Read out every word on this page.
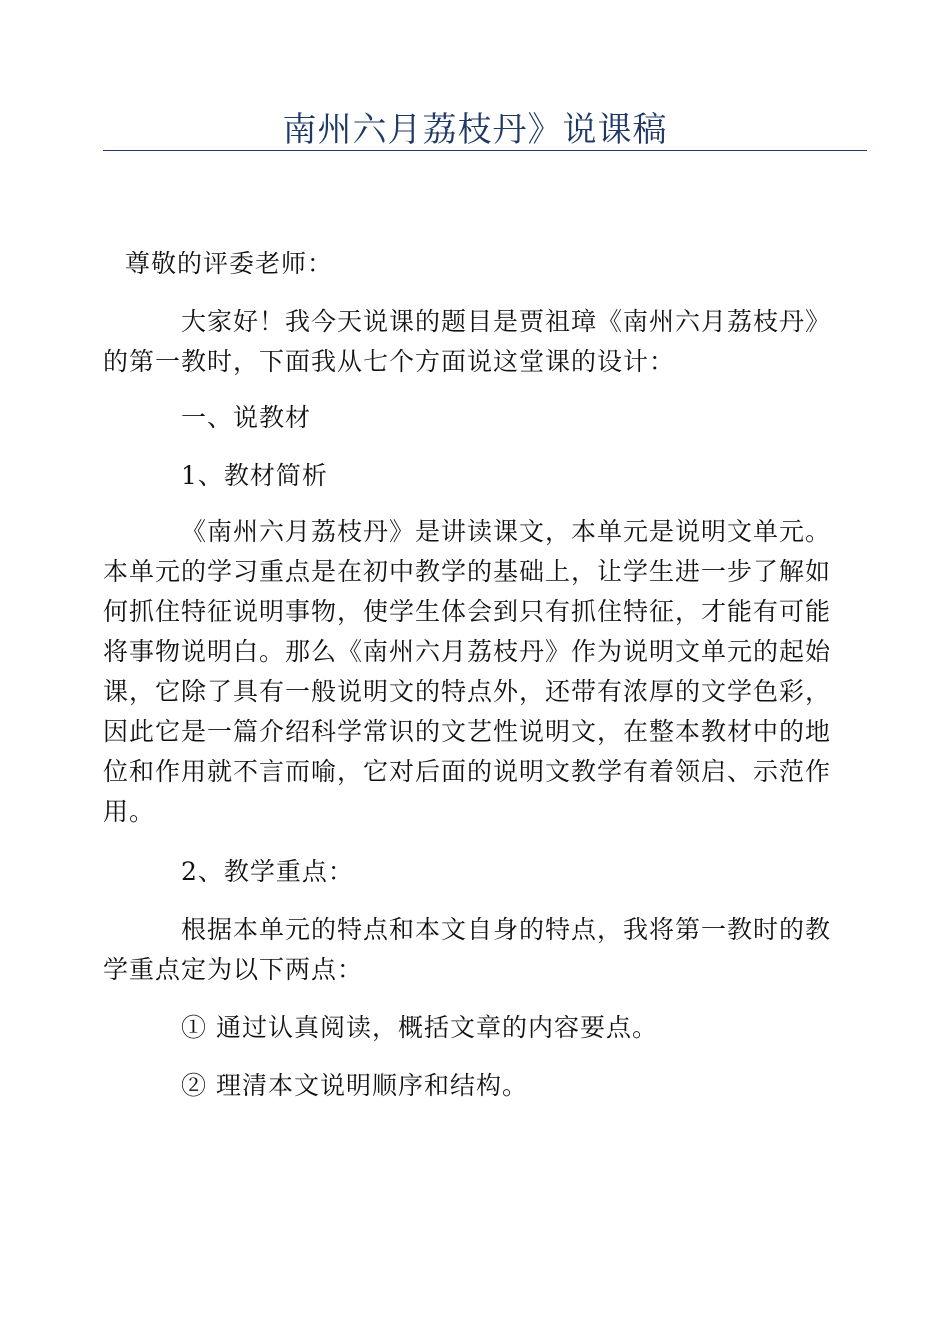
南州六月荔枝丹》说课稿

尊敬的评委老师：

大家好！我今天说课的题目是贾祖璋《南州六月荔枝丹》
的第一教时，下面我从七个方面说这堂课的设计：

一、说教材

1、教材简析

《南州六月荔枝丹》是讲读课文，本单元是说明文单元。
本单元的学习重点是在初中教学的基础上，让学生进一步了解如
何抓住特征说明事物，使学生体会到只有抓住特征，才能有可能
将事物说明白。那么《南州六月荔枝丹》作为说明文单元的起始
课，它除了具有一般说明文的特点外，还带有浓厚的文学色彩，
因此它是一篇介绍科学常识的文艺性说明文，在整本教材中的地
位和作用就不言而喻，它对后面的说明文教学有着领启、示范作
用。

2、教学重点：

根据本单元的特点和本文自身的特点，我将第一教时的教
学重点定为以下两点：

① 通过认真阅读，概括文章的内容要点。

② 理清本文说明顺序和结构。
